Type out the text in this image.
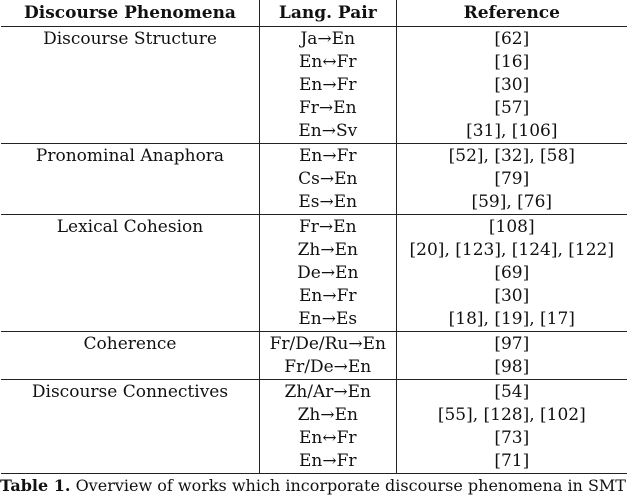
Discourse Phenomena	Lang. Pair	Reference
Discourse Structure	Ja→En	[62]
	En↔Fr	[16]
	En→Fr	[30]
	Fr→En	[57]
	En→Sv	[31], [106]
Pronominal Anaphora	En→Fr	[52], [32], [58]
	Cs→En	[79]
	Es→En	[59], [76]
Lexical Cohesion	Fr→En	[108]
	Zh→En	[20], [123], [124], [122]
	De→En	[69]
	En→Fr	[30]
	En→Es	[18], [19], [17]
Coherence	Fr/De/Ru→En	[97]
	Fr/De→En	[98]
Discourse Connectives	Zh/Ar→En	[54]
	Zh→En	[55], [128], [102]
	En↔Fr	[73]
	En→Fr	[71]
Table 1. Overview of works which incorporate discourse phenomena in SMT
